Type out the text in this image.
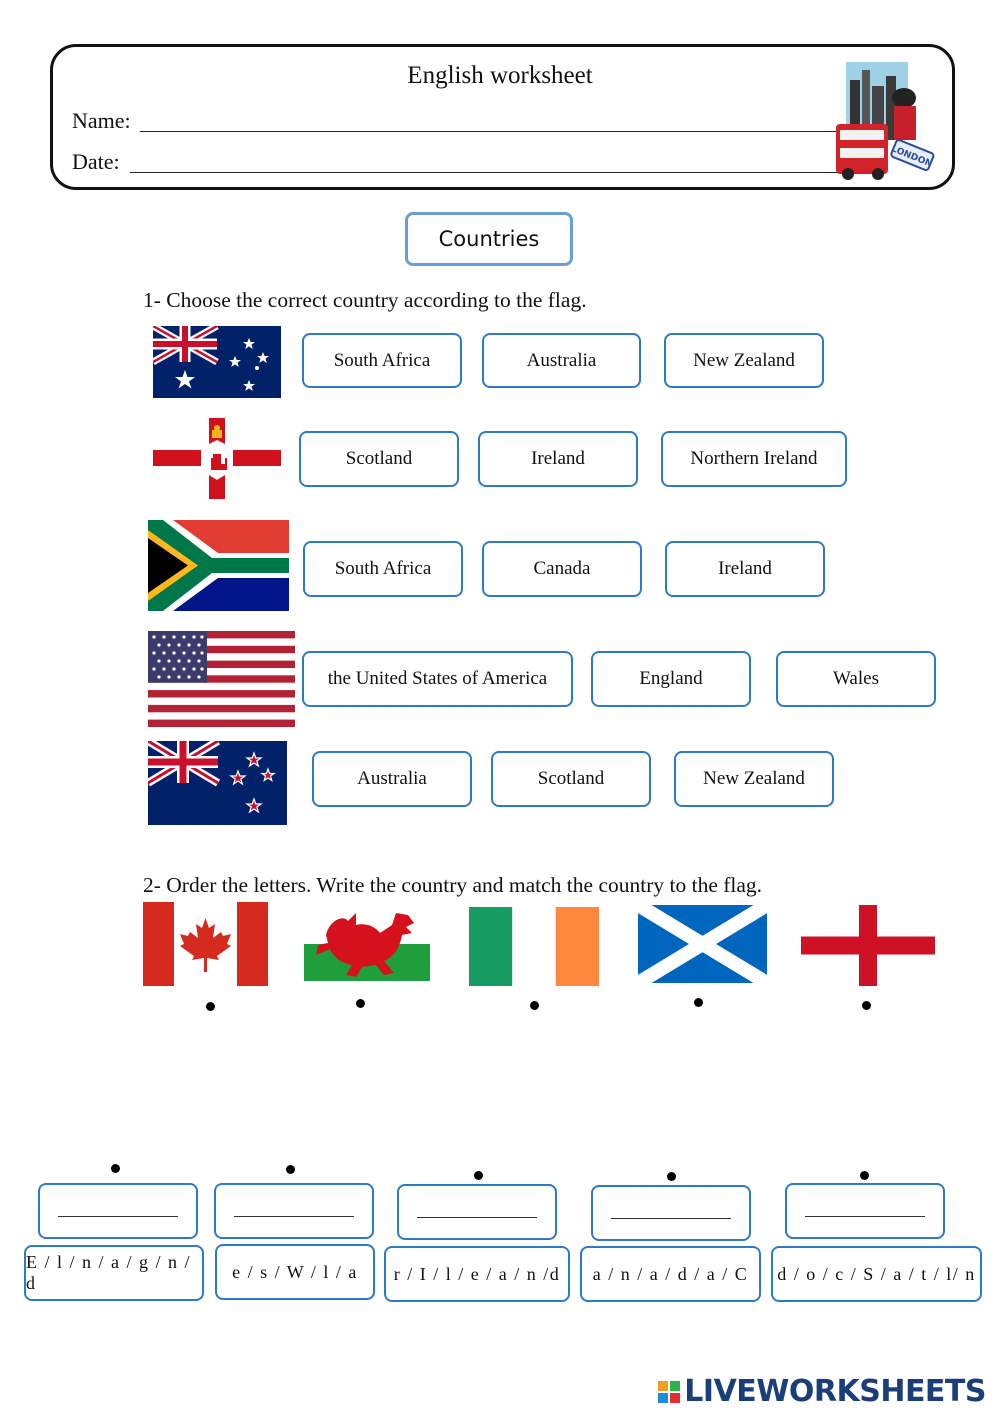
English worksheet
Name:
Date:	LONDON
Countries
1- Choose the correct country according to the flag.
South Africa	Australia	New Zealand
Scotland	Ireland	Northern Ireland
South Africa	Canada	Ireland
the United States of America	England	Wales
Australia	Scotland	New Zealand
2- Order the letters. Write the country and match the country to the flag.
E / l / n / a / g / n / d
e / s / W / l / a	r / I / l / e / a / n /d	a / n / a / d / a / C	d / o / c / S / a / t / l/ n
LIVEWORKSHEETS
